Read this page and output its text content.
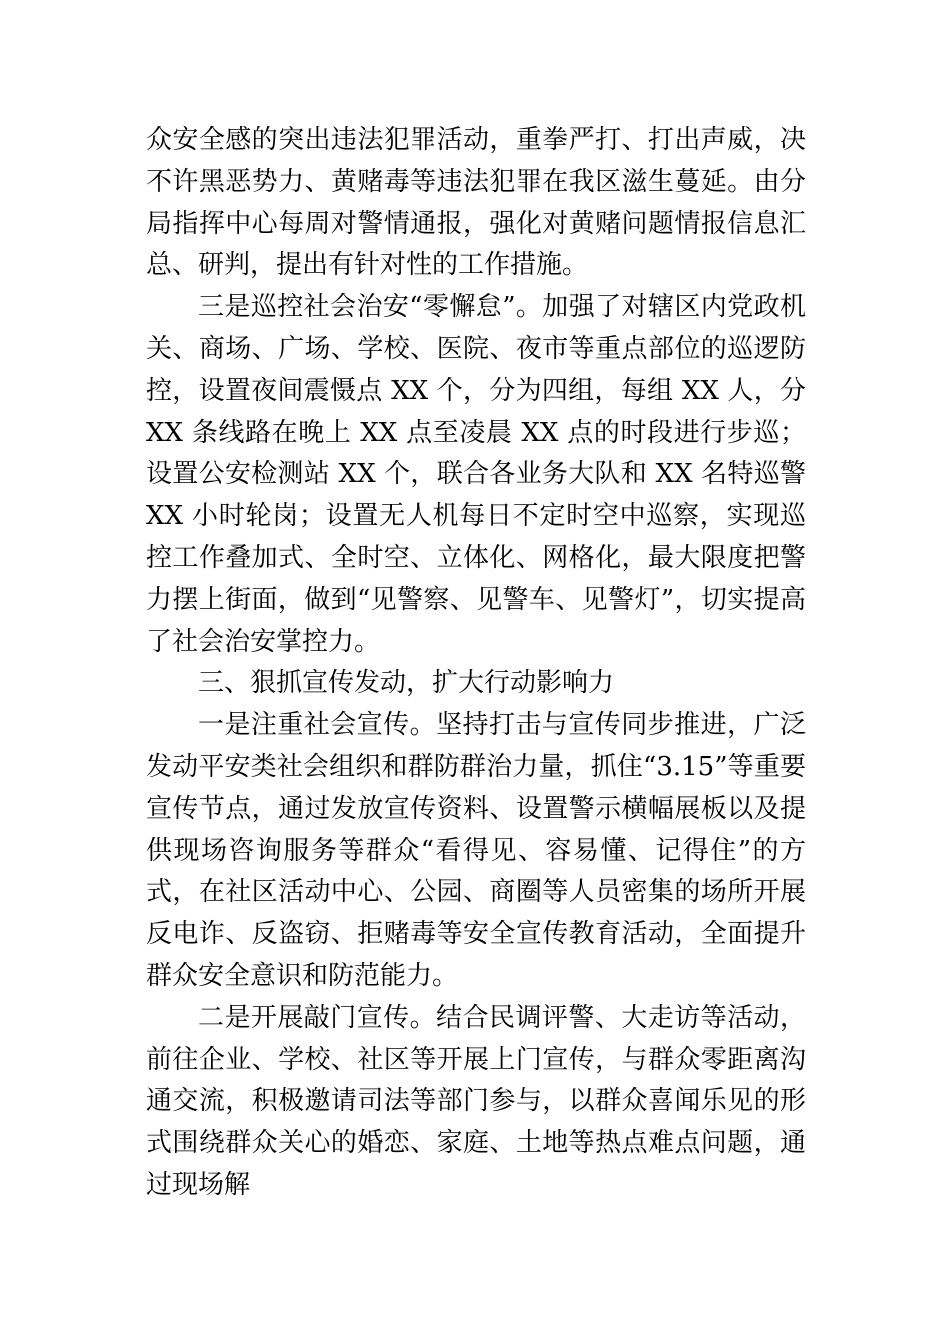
众安全感的突出违法犯罪活动，重拳严打、打出声威，决不许黑恶势力、黄赌毒等违法犯罪在我区滋生蔓延。由分局指挥中心每周对警情通报，强化对黄赌问题情报信息汇总、研判，提出有针对性的工作措施。

三是巡控社会治安“零懈怠”。加强了对辖区内党政机关、商场、广场、学校、医院、夜市等重点部位的巡逻防控，设置夜间震慑点 XX 个，分为四组，每组 XX 人，分 XX 条线路在晚上 XX 点至凌晨 XX 点的时段进行步巡；设置公安检测站 XX 个，联合各业务大队和 XX 名特巡警 XX 小时轮岗；设置无人机每日不定时空中巡察，实现巡控工作叠加式、全时空、立体化、网格化，最大限度把警力摆上街面，做到“见警察、见警车、见警灯”，切实提高了社会治安掌控力。

三、狠抓宣传发动，扩大行动影响力

一是注重社会宣传。坚持打击与宣传同步推进，广泛发动平安类社会组织和群防群治力量，抓住“3.15”等重要宣传节点，通过发放宣传资料、设置警示横幅展板以及提供现场咨询服务等群众“看得见、容易懂、记得住”的方式，在社区活动中心、公园、商圈等人员密集的场所开展反电诈、反盗窃、拒赌毒等安全宣传教育活动，全面提升群众安全意识和防范能力。

二是开展敲门宣传。结合民调评警、大走访等活动，前往企业、学校、社区等开展上门宣传，与群众零距离沟通交流，积极邀请司法等部门参与，以群众喜闻乐见的形式围绕群众关心的婚恋、家庭、土地等热点难点问题，通过现场解
